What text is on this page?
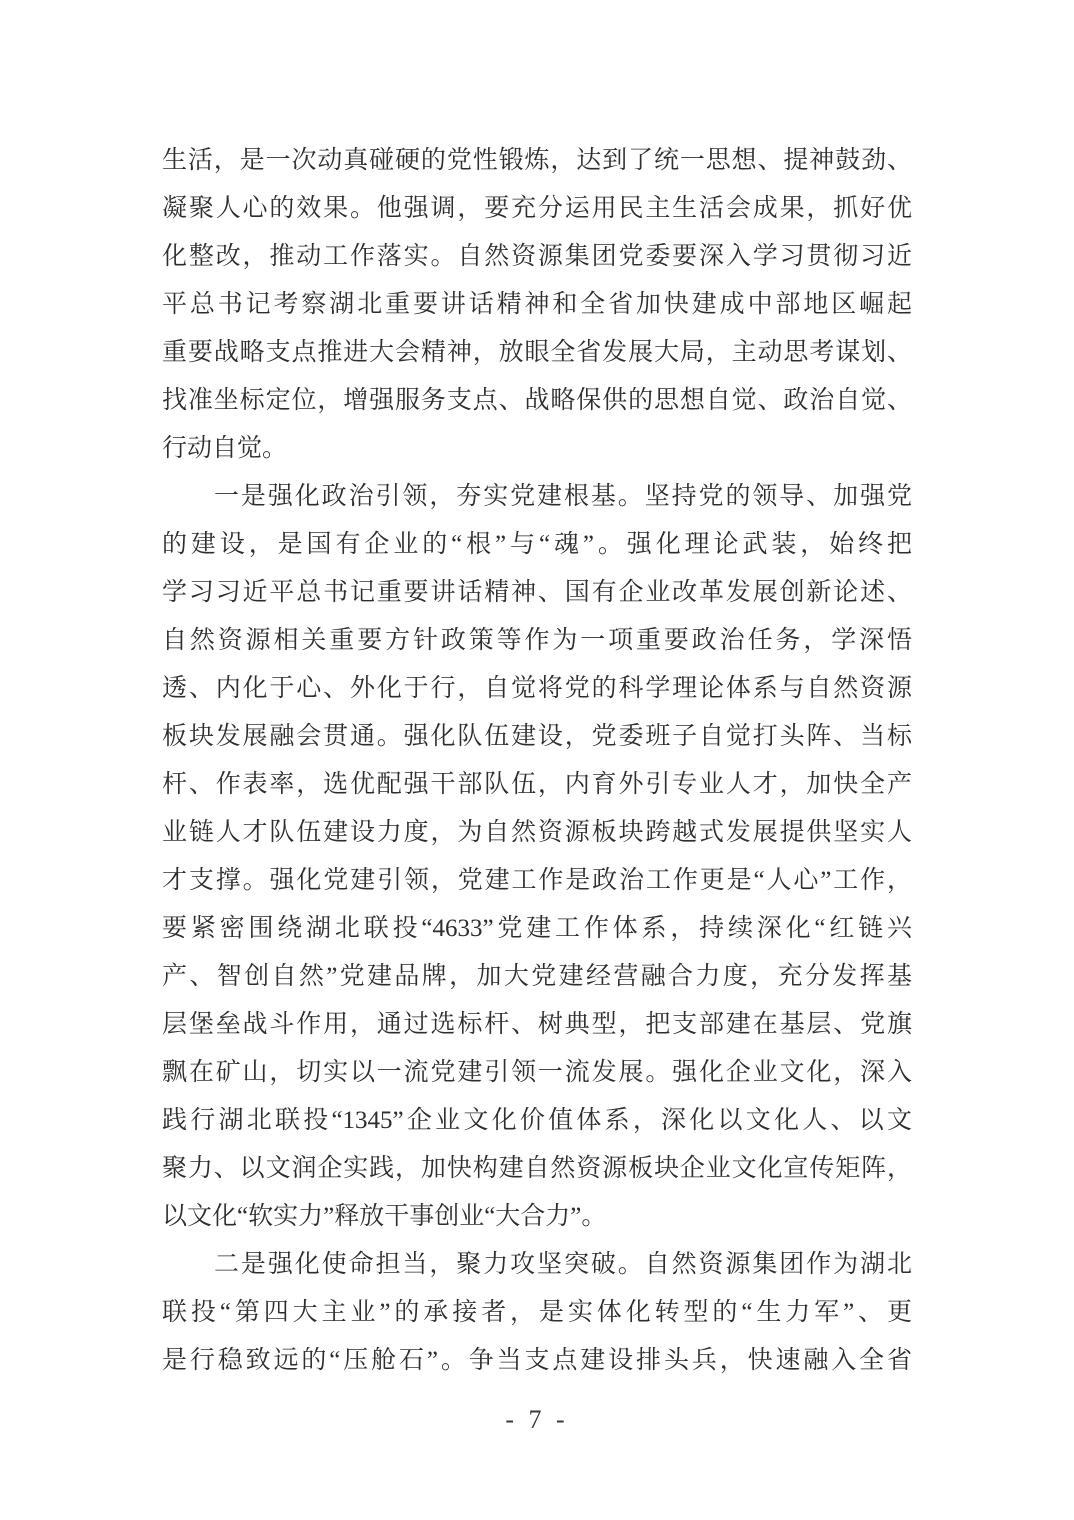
生活，是一次动真碰硬的党性锻炼，达到了统一思想、提神鼓劲、
凝聚人心的效果。他强调，要充分运用民主生活会成果，抓好优
化整改，推动工作落实。自然资源集团党委要深入学习贯彻习近
平总书记考察湖北重要讲话精神和全省加快建成中部地区崛起
重要战略支点推进大会精神，放眼全省发展大局，主动思考谋划、
找准坐标定位，增强服务支点、战略保供的思想自觉、政治自觉、
行动自觉。
一是强化政治引领，夯实党建根基。坚持党的领导、加强党
的建设，是国有企业的“根”与“魂”。强化理论武装，始终把
学习习近平总书记重要讲话精神、国有企业改革发展创新论述、
自然资源相关重要方针政策等作为一项重要政治任务，学深悟
透、内化于心、外化于行，自觉将党的科学理论体系与自然资源
板块发展融会贯通。强化队伍建设，党委班子自觉打头阵、当标
杆、作表率，选优配强干部队伍，内育外引专业人才，加快全产
业链人才队伍建设力度，为自然资源板块跨越式发展提供坚实人
才支撑。强化党建引领，党建工作是政治工作更是“人心”工作，
要紧密围绕湖北联投“4633”党建工作体系，持续深化“红链兴
产、智创自然”党建品牌，加大党建经营融合力度，充分发挥基
层堡垒战斗作用，通过选标杆、树典型，把支部建在基层、党旗
飘在矿山，切实以一流党建引领一流发展。强化企业文化，深入
践行湖北联投“1345”企业文化价值体系，深化以文化人、以文
聚力、以文润企实践，加快构建自然资源板块企业文化宣传矩阵，
以文化“软实力”释放干事创业“大合力”。
二是强化使命担当，聚力攻坚突破。自然资源集团作为湖北
联投“第四大主业”的承接者，是实体化转型的“生力军”、更
是行稳致远的“压舱石”。争当支点建设排头兵，快速融入全省
- 7 -
